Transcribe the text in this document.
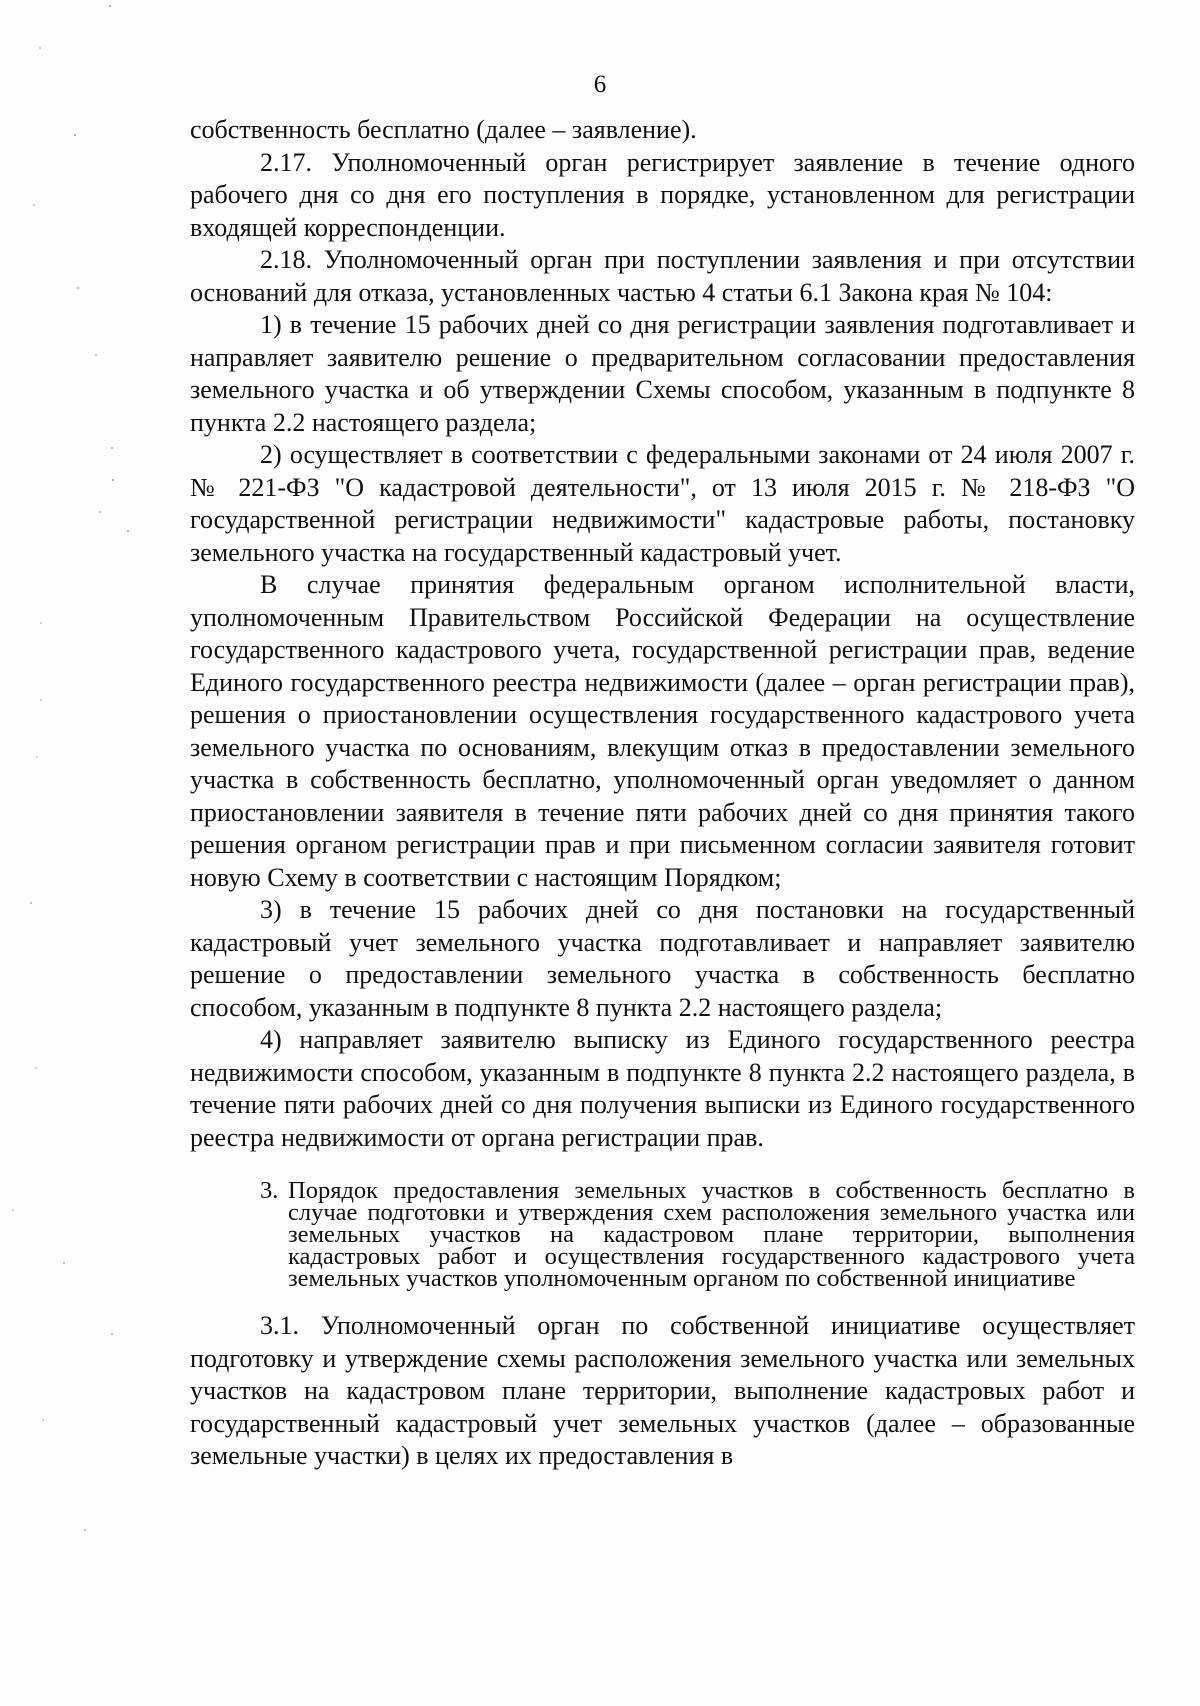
6

собственность бесплатно (далее – заявление).

2.17. Уполномоченный орган регистрирует заявление в течение одного рабочего дня со дня его поступления в порядке, установленном для регистрации входящей корреспонденции.

2.18. Уполномоченный орган при поступлении заявления и при отсутствии оснований для отказа, установленных частью 4 статьи 6.1 Закона края № 104:

1) в течение 15 рабочих дней со дня регистрации заявления подготавливает и направляет заявителю решение о предварительном согласовании предоставления земельного участка и об утверждении Схемы способом, указанным в подпункте 8 пункта 2.2 настоящего раздела;

2) осуществляет в соответствии с федеральными законами от 24 июля 2007 г. № 221-ФЗ "О кадастровой деятельности", от 13 июля 2015 г. № 218-ФЗ "О государственной регистрации недвижимости" кадастровые работы, постановку земельного участка на государственный кадастровый учет.

В случае принятия федеральным органом исполнительной власти, уполномоченным Правительством Российской Федерации на осуществление государственного кадастрового учета, государственной регистрации прав, ведение Единого государственного реестра недвижимости (далее – орган регистрации прав), решения о приостановлении осуществления государственного кадастрового учета земельного участка по основаниям, влекущим отказ в предоставлении земельного участка в собственность бесплатно, уполномоченный орган уведомляет о данном приостановлении заявителя в течение пяти рабочих дней со дня принятия такого решения органом регистрации прав и при письменном согласии заявителя готовит новую Схему в соответствии с настоящим Порядком;

3) в течение 15 рабочих дней со дня постановки на государственный кадастровый учет земельного участка подготавливает и направляет заявителю решение о предоставлении земельного участка в собственность бесплатно способом, указанным в подпункте 8 пункта 2.2 настоящего раздела;

4) направляет заявителю выписку из Единого государственного реестра недвижимости способом, указанным в подпункте 8 пункта 2.2 настоящего раздела, в течение пяти рабочих дней со дня получения выписки из Единого государственного реестра недвижимости от органа регистрации прав.

3. Порядок предоставления земельных участков в собственность бесплатно в случае подготовки и утверждения схем расположения земельного участка или земельных участков на кадастровом плане территории, выполнения кадастровых работ и осуществления государственного кадастрового учета земельных участков уполномоченным органом по собственной инициативе

3.1. Уполномоченный орган по собственной инициативе осуществляет подготовку и утверждение схемы расположения земельного участка или земельных участков на кадастровом плане территории, выполнение кадастровых работ и государственный кадастровый учет земельных участков (далее – образованные земельные участки) в целях их предоставления в
